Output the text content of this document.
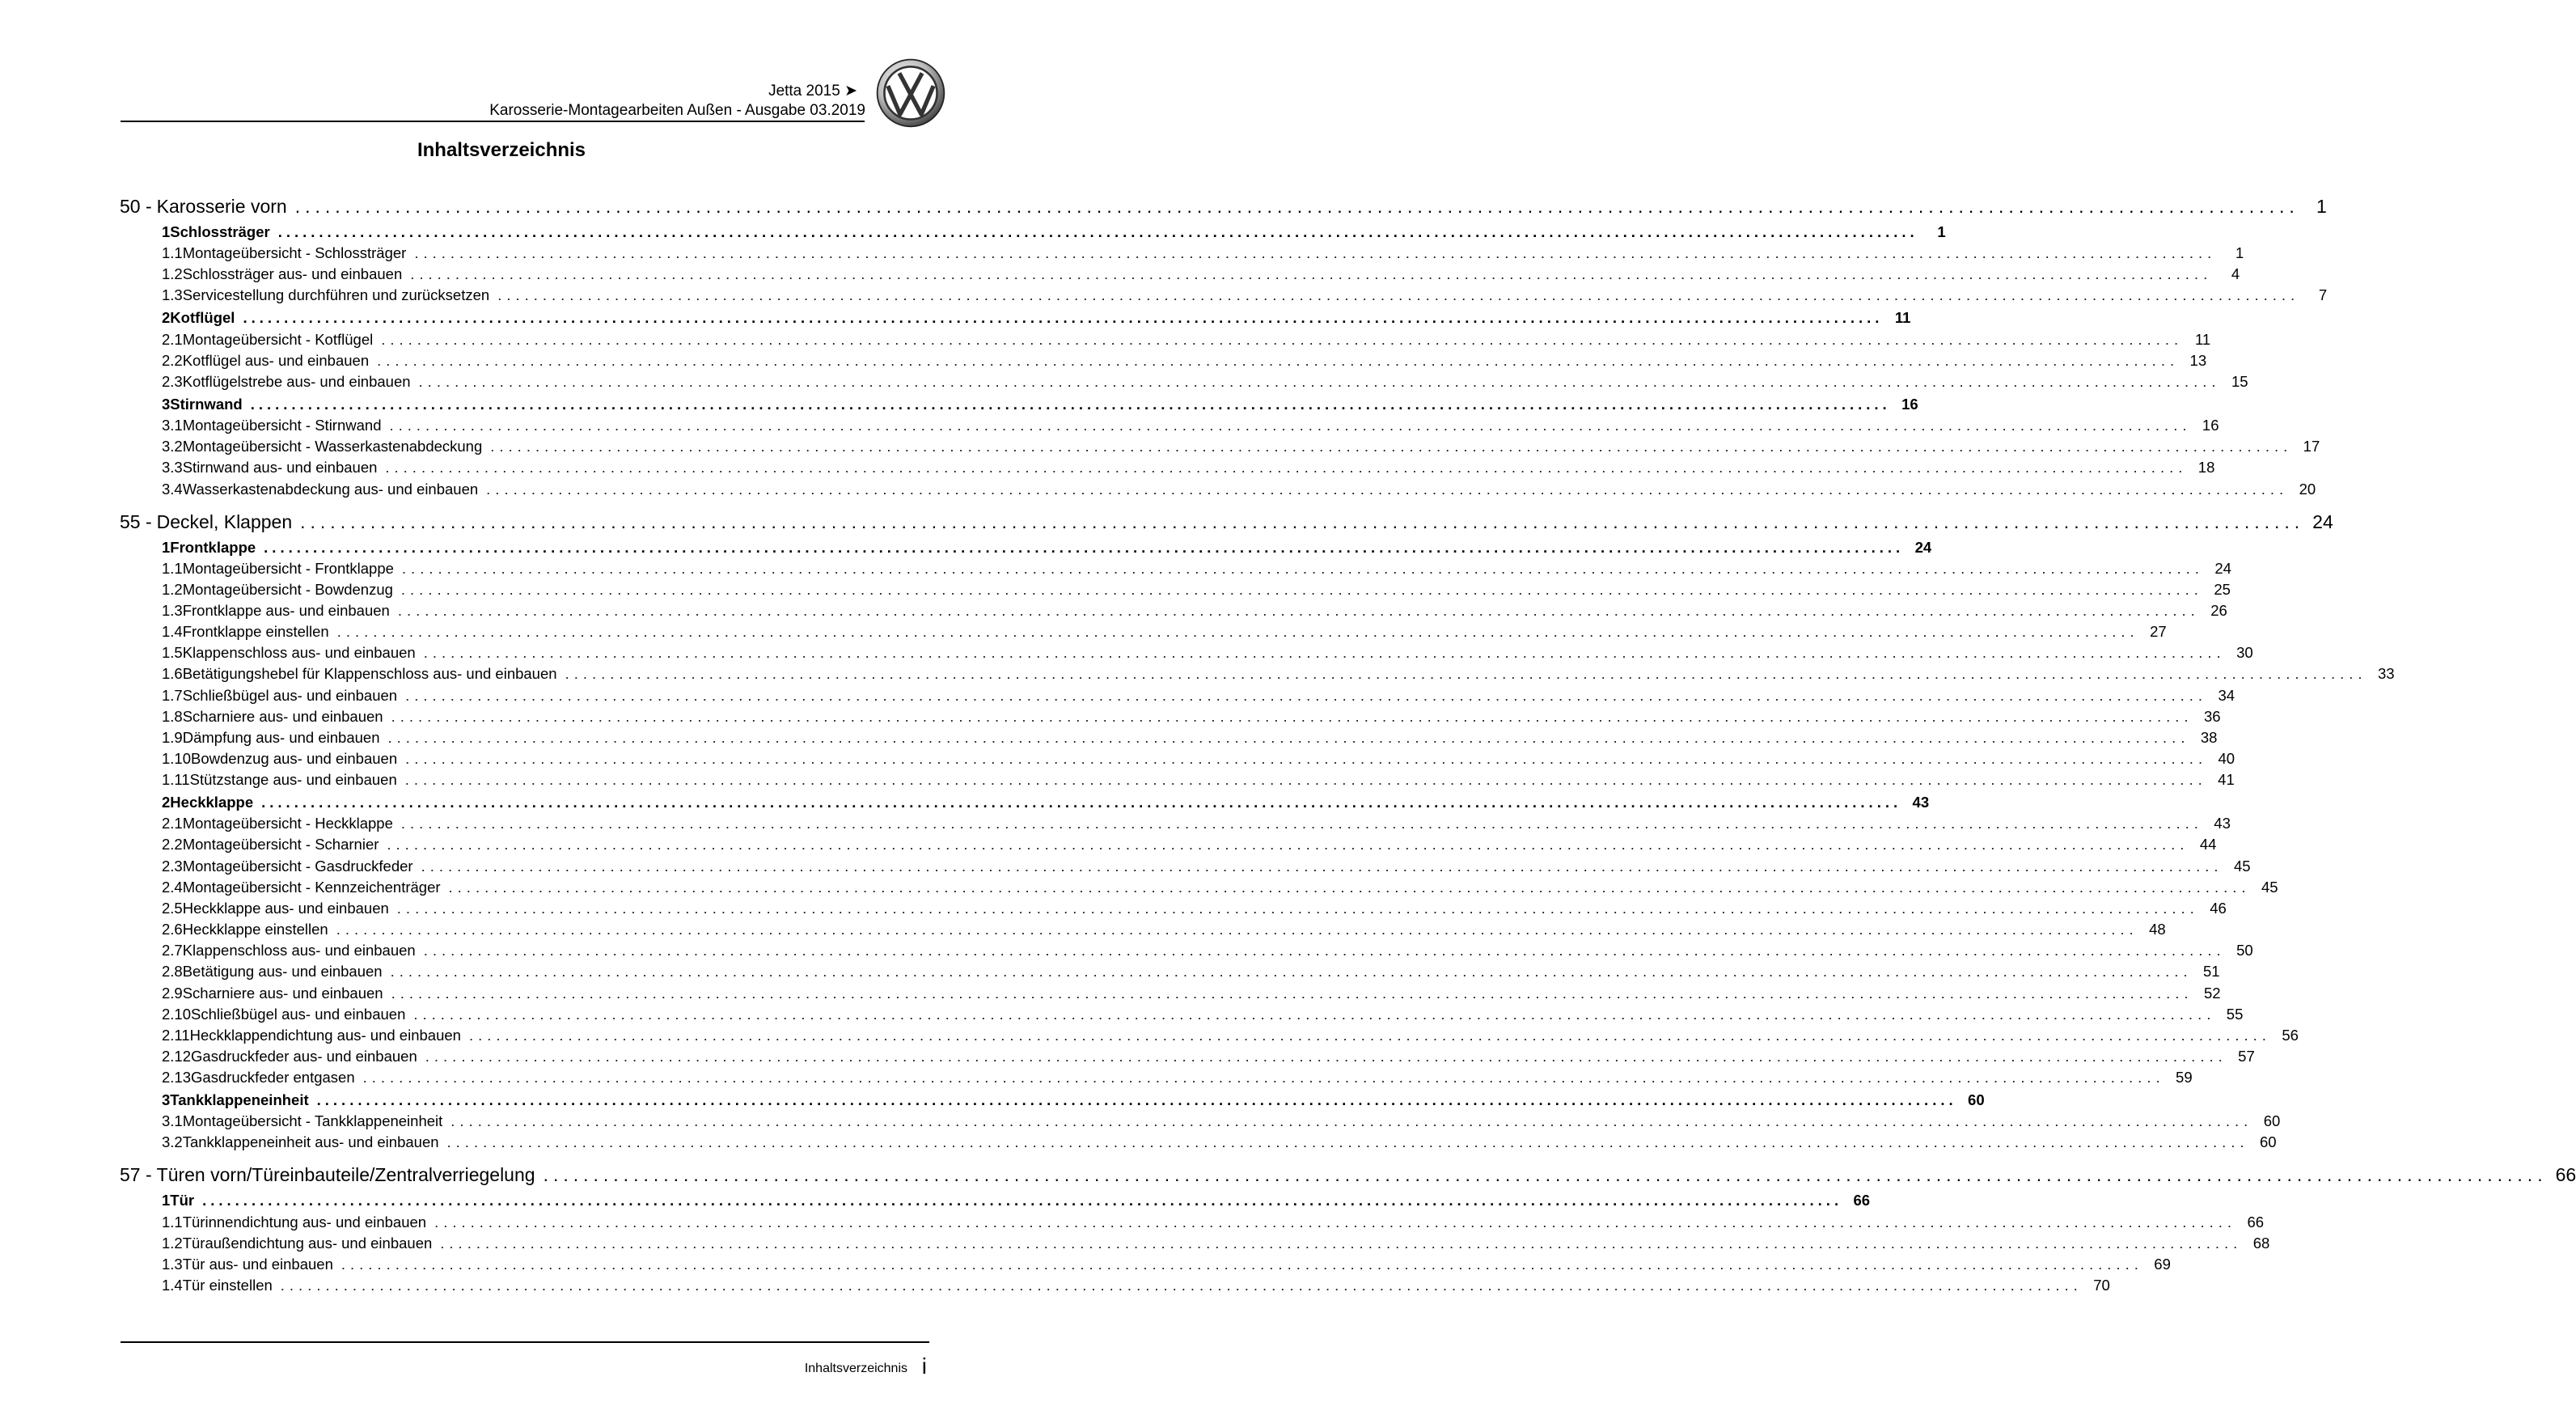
Jetta 2015 ➤
Karosserie-Montagearbeiten Außen - Ausgabe 03.2019
Inhaltsverzeichnis
50 - Karosserie vorn ........................................................................................................................................................................................................ 1
1 Schlossträger ........................................................................................................................................................................................................	1
1.1 Montageübersicht - Schlossträger ........................................................................................................................................................................................................	1
1.2 Schlossträger aus- und einbauen ........................................................................................................................................................................................................	4
1.3 Servicestellung durchführen und zurücksetzen ........................................................................................................................................................................................................	7
2 Kotflügel ........................................................................................................................................................................................................ 11
2.1 Montageübersicht - Kotflügel ........................................................................................................................................................................................................ 11
2.2 Kotflügel aus- und einbauen ........................................................................................................................................................................................................ 13
2.3 Kotflügelstrebe aus- und einbauen ........................................................................................................................................................................................................ 15
3 Stirnwand ........................................................................................................................................................................................................ 16
3.1 Montageübersicht - Stirnwand ........................................................................................................................................................................................................ 16
3.2 Montageübersicht - Wasserkastenabdeckung ........................................................................................................................................................................................................ 17
3.3 Stirnwand aus- und einbauen ........................................................................................................................................................................................................ 18
3.4 Wasserkastenabdeckung aus- und einbauen ........................................................................................................................................................................................................ 20
55 - Deckel, Klappen ........................................................................................................................................................................................................ 24
1 Frontklappe ........................................................................................................................................................................................................ 24
1.1 Montageübersicht - Frontklappe ........................................................................................................................................................................................................ 24
1.2 Montageübersicht - Bowdenzug ........................................................................................................................................................................................................ 25
1.3 Frontklappe aus- und einbauen ........................................................................................................................................................................................................ 26
1.4 Frontklappe einstellen ........................................................................................................................................................................................................ 27
1.5 Klappenschloss aus- und einbauen ........................................................................................................................................................................................................ 30
1.6 Betätigungshebel für Klappenschloss aus- und einbauen ........................................................................................................................................................................................................ 33
1.7 Schließbügel aus- und einbauen ........................................................................................................................................................................................................ 34
1.8 Scharniere aus- und einbauen ........................................................................................................................................................................................................ 36
1.9 Dämpfung aus- und einbauen ........................................................................................................................................................................................................ 38
1.10 Bowdenzug aus- und einbauen ........................................................................................................................................................................................................ 40
1.11 Stützstange aus- und einbauen ........................................................................................................................................................................................................ 41
2 Heckklappe ........................................................................................................................................................................................................ 43
2.1 Montageübersicht - Heckklappe ........................................................................................................................................................................................................ 43
2.2 Montageübersicht - Scharnier ........................................................................................................................................................................................................ 44
2.3 Montageübersicht - Gasdruckfeder ........................................................................................................................................................................................................ 45
2.4 Montageübersicht - Kennzeichenträger ........................................................................................................................................................................................................ 45
2.5 Heckklappe aus- und einbauen ........................................................................................................................................................................................................ 46
2.6 Heckklappe einstellen ........................................................................................................................................................................................................ 48
2.7 Klappenschloss aus- und einbauen ........................................................................................................................................................................................................ 50
2.8 Betätigung aus- und einbauen ........................................................................................................................................................................................................ 51
2.9 Scharniere aus- und einbauen ........................................................................................................................................................................................................ 52
2.10 Schließbügel aus- und einbauen ........................................................................................................................................................................................................ 55
2.11 Heckklappendichtung aus- und einbauen ........................................................................................................................................................................................................ 56
2.12 Gasdruckfeder aus- und einbauen ........................................................................................................................................................................................................ 57
2.13 Gasdruckfeder entgasen ........................................................................................................................................................................................................ 59
3 Tankklappeneinheit ........................................................................................................................................................................................................ 60
3.1 Montageübersicht - Tankklappeneinheit ........................................................................................................................................................................................................ 60
3.2 Tankklappeneinheit aus- und einbauen ........................................................................................................................................................................................................ 60
57 - Türen vorn/Türeinbauteile/Zentralverriegelung ........................................................................................................................................................................................................ 66
1 Tür ........................................................................................................................................................................................................ 66
1.1 Türinnendichtung aus- und einbauen ........................................................................................................................................................................................................ 66
1.2 Türaußendichtung aus- und einbauen ........................................................................................................................................................................................................ 68
1.3 Tür aus- und einbauen ........................................................................................................................................................................................................ 69
1.4 Tür einstellen ........................................................................................................................................................................................................ 70
Inhaltsverzeichnis i
